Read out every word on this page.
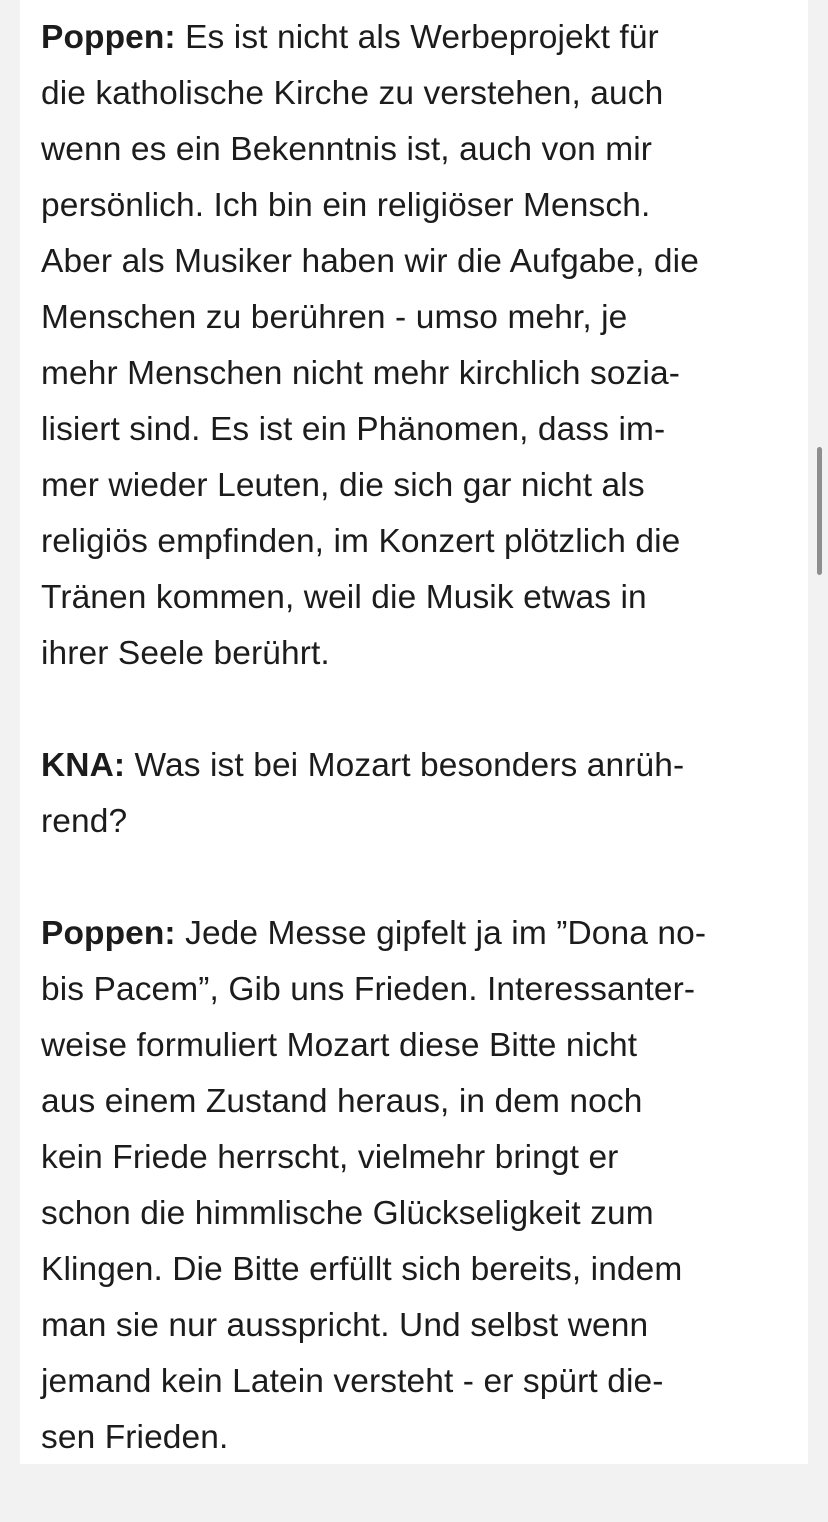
Poppen: Es ist nicht als Werbeprojekt für
die katholische Kirche zu verstehen, auch
wenn es ein Bekenntnis ist, auch von mir
persönlich. Ich bin ein religiöser Mensch.
Aber als Musiker haben wir die Aufgabe, die
Menschen zu berühren - umso mehr, je
mehr Menschen nicht mehr kirchlich sozia-
lisiert sind. Es ist ein Phänomen, dass im-
mer wieder Leuten, die sich gar nicht als
religiös empfinden, im Konzert plötzlich die
Tränen kommen, weil die Musik etwas in
ihrer Seele berührt.

KNA: Was ist bei Mozart besonders anrüh-
rend?

Poppen: Jede Messe gipfelt ja im ”Dona no-
bis Pacem”, Gib uns Frieden. Interessanter-
weise formuliert Mozart diese Bitte nicht
aus einem Zustand heraus, in dem noch
kein Friede herrscht, vielmehr bringt er
schon die himmlische Glückseligkeit zum
Klingen. Die Bitte erfüllt sich bereits, indem
man sie nur ausspricht. Und selbst wenn
jemand kein Latein versteht - er spürt die-
sen Frieden.
